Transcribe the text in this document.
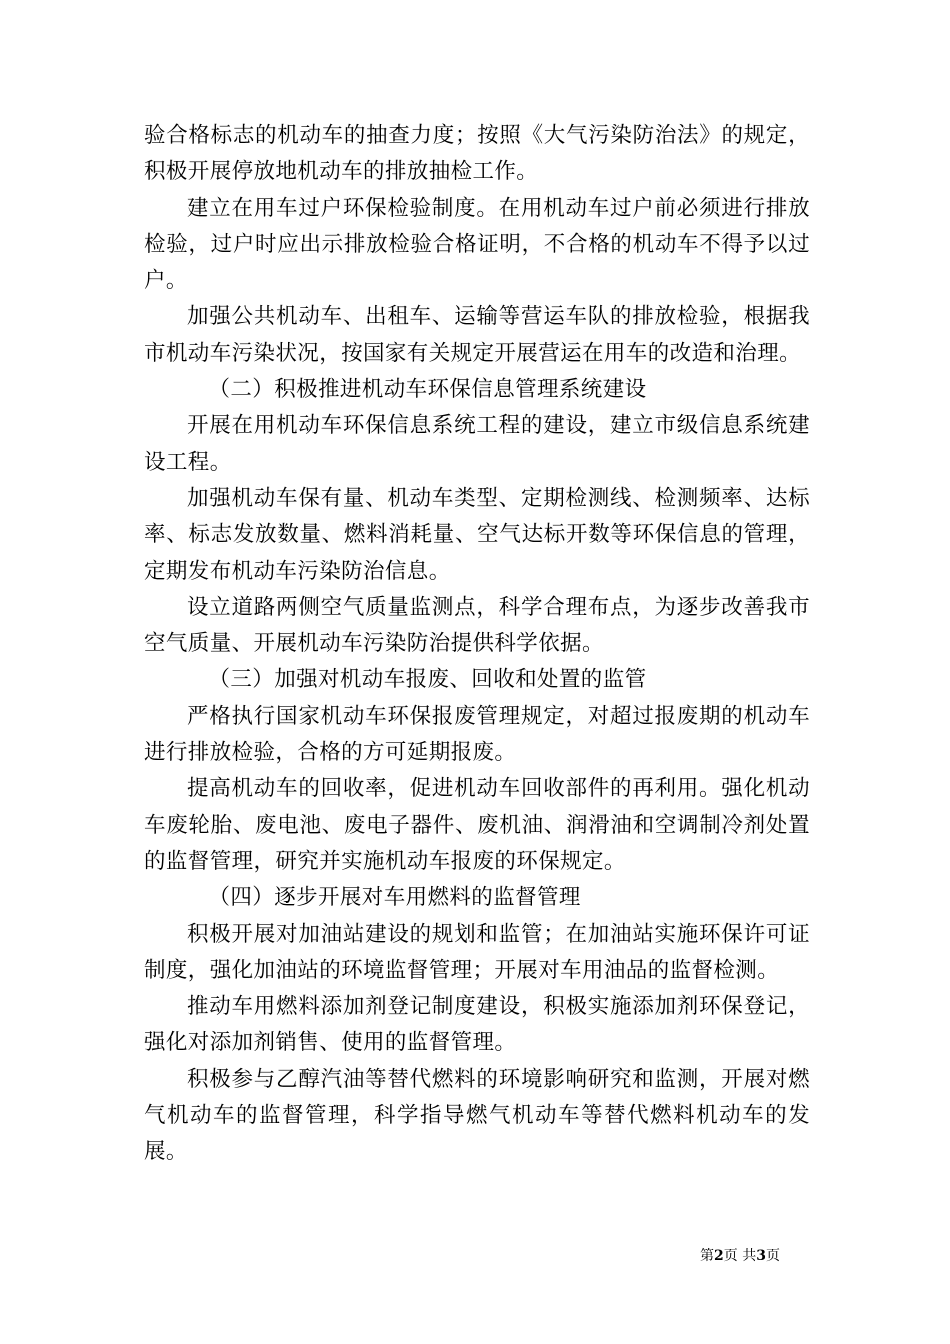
验合格标志的机动车的抽查力度；按照《大气污染防治法》的规定，积极开展停放地机动车的排放抽检工作。

建立在用车过户环保检验制度。在用机动车过户前必须进行排放检验，过户时应出示排放检验合格证明，不合格的机动车不得予以过户。

加强公共机动车、出租车、运输等营运车队的排放检验，根据我市机动车污染状况，按国家有关规定开展营运在用车的改造和治理。

（二）积极推进机动车环保信息管理系统建设

开展在用机动车环保信息系统工程的建设，建立市级信息系统建设工程。

加强机动车保有量、机动车类型、定期检测线、检测频率、达标率、标志发放数量、燃料消耗量、空气达标开数等环保信息的管理，定期发布机动车污染防治信息。

设立道路两侧空气质量监测点，科学合理布点，为逐步改善我市空气质量、开展机动车污染防治提供科学依据。

（三）加强对机动车报废、回收和处置的监管

严格执行国家机动车环保报废管理规定，对超过报废期的机动车进行排放检验，合格的方可延期报废。

提高机动车的回收率，促进机动车回收部件的再利用。强化机动车废轮胎、废电池、废电子器件、废机油、润滑油和空调制冷剂处置的监督管理，研究并实施机动车报废的环保规定。

（四）逐步开展对车用燃料的监督管理

积极开展对加油站建设的规划和监管；在加油站实施环保许可证制度，强化加油站的环境监督管理；开展对车用油品的监督检测。

推动车用燃料添加剂登记制度建设，积极实施添加剂环保登记，强化对添加剂销售、使用的监督管理。

积极参与乙醇汽油等替代燃料的环境影响研究和监测，开展对燃气机动车的监督管理，科学指导燃气机动车等替代燃料机动车的发展。

第2页 共3页
